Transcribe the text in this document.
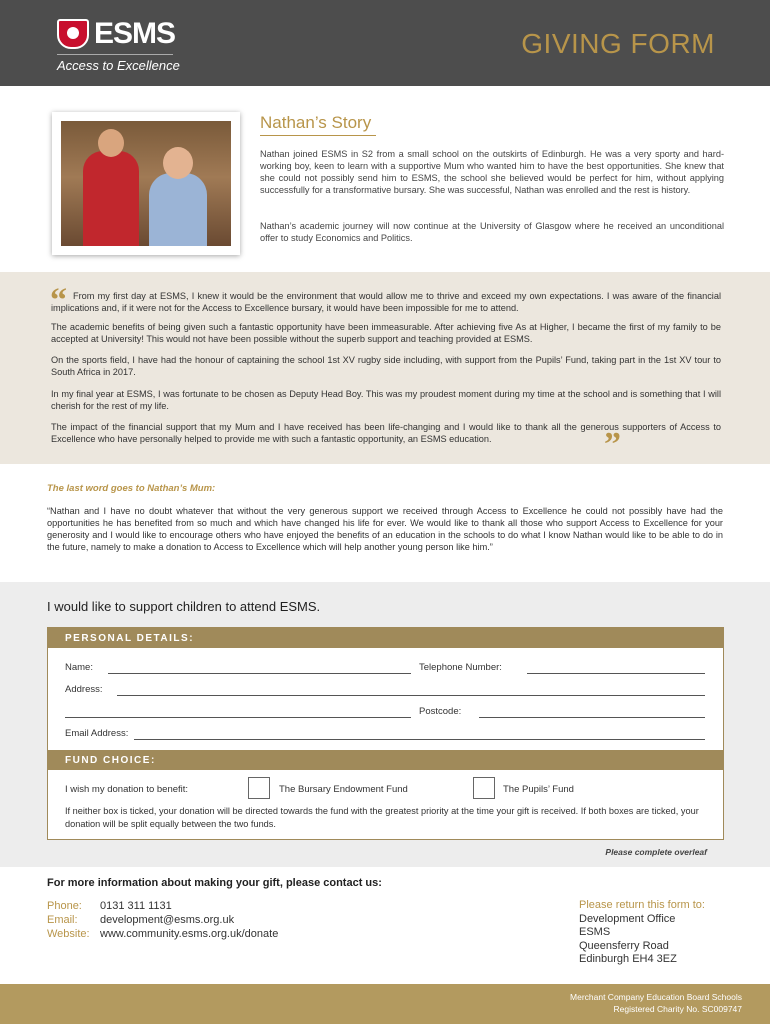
ESMS
Access to Excellence
GIVING FORM
Nathan’s Story

Nathan joined ESMS in S2 from a small school on the outskirts of Edinburgh. He was a very sporty and hard-working boy, keen to learn with a supportive Mum who wanted him to have the best opportunities. She knew that she could not possibly send him to ESMS, the school she believed would be perfect for him, without applying successfully for a transformative bursary. She was successful, Nathan was enrolled and the rest is history.

Nathan’s academic journey will now continue at the University of Glasgow where he received an unconditional offer to study Economics and Politics.

“ From my first day at ESMS, I knew it would be the environment that would allow me to thrive and exceed my own expectations. I was aware of the financial implications and, if it were not for the Access to Excellence bursary, it would have been impossible for me to attend.

The academic benefits of being given such a fantastic opportunity have been immeasurable. After achieving five As at Higher, I became the first of my family to be accepted at University! This would not have been possible without the superb support and teaching provided at ESMS.

On the sports field, I have had the honour of captaining the school 1st XV rugby side including, with support from the Pupils’ Fund, taking part in the 1st XV tour to South Africa in 2017.

In my final year at ESMS, I was fortunate to be chosen as Deputy Head Boy. This was my proudest moment during my time at the school and is something that I will cherish for the rest of my life.

The impact of the financial support that my Mum and I have received has been life-changing and I would like to thank all the generous supporters of Access to Excellence who have personally helped to provide me with such a fantastic opportunity, an ESMS education.	”
The last word goes to Nathan’s Mum:

“Nathan and I have no doubt whatever that without the very generous support we received through Access to Excellence he could not possibly have had the opportunities he has benefited from so much and which have changed his life for ever. We would like to thank all those who support Access to Excellence for your generosity and I would like to encourage others who have enjoyed the benefits of an education in the schools to do what I know Nathan would like to be able to do in the future, namely to make a donation to Access to Excellence which will help another young person like him.”

I would like to support children to attend ESMS.
PERSONAL DETAILS:
Name:	Telephone Number:
Address:
Postcode:
Email Address:
FUND CHOICE:
I wish my donation to benefit:	The Bursary Endowment Fund	The Pupils’ Fund

If neither box is ticked, your donation will be directed towards the fund with the greatest priority at the time your gift is received. If both boxes are ticked, your donation will be split equally between the two funds.

Please complete overleaf
For more information about making your gift, please contact us:
Phone: 0131 311 1131
Email: development@esms.org.uk
Website: www.community.esms.org.uk/donate
Please return this form to:
Development Office
ESMS
Queensferry Road
Edinburgh EH4 3EZ
Merchant Company Education Board Schools
Registered Charity No. SC009747
